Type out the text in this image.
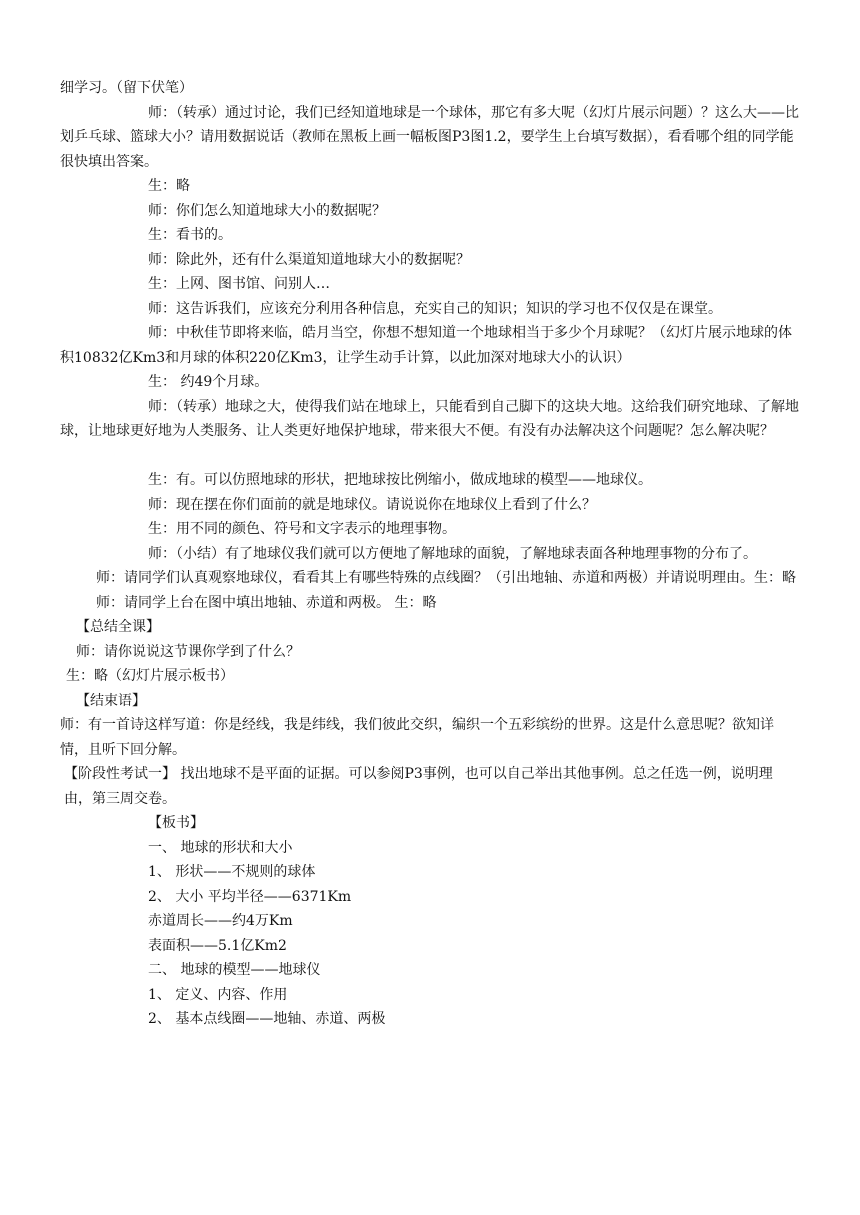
细学习。（留下伏笔）

师：（转承）通过讨论，我们已经知道地球是一个球体，那它有多大呢（幻灯片展示问题）？这么大——比划乒乓球、篮球大小？请用数据说话（教师在黑板上画一幅板图P3图1.2，要学生上台填写数据），看看哪个组的同学能很快填出答案。

生：略

师：你们怎么知道地球大小的数据呢？

生：看书的。

师：除此外，还有什么渠道知道地球大小的数据呢？

生：上网、图书馆、问别人…

师：这告诉我们，应该充分利用各种信息，充实自己的知识；知识的学习也不仅仅是在课堂。

师：中秋佳节即将来临，皓月当空，你想不想知道一个地球相当于多少个月球呢？（幻灯片展示地球的体积10832亿Km3和月球的体积220亿Km3，让学生动手计算，以此加深对地球大小的认识）

生： 约49个月球。

师：（转承）地球之大，使得我们站在地球上，只能看到自己脚下的这块大地。这给我们研究地球、了解地球，让地球更好地为人类服务、让人类更好地保护地球，带来很大不便。有没有办法解决这个问题呢？怎么解决呢？

生：有。可以仿照地球的形状，把地球按比例缩小，做成地球的模型——地球仪。

师：现在摆在你们面前的就是地球仪。请说说你在地球仪上看到了什么？

生：用不同的颜色、符号和文字表示的地理事物。

师：（小结）有了地球仪我们就可以方便地了解地球的面貌，了解地球表面各种地理事物的分布了。

师：请同学们认真观察地球仪，看看其上有哪些特殊的点线圈？（引出地轴、赤道和两极）并请说明理由。生：略

师：请同学上台在图中填出地轴、赤道和两极。 生：略

【总结全课】

师：请你说说这节课你学到了什么？

生：略（幻灯片展示板书）

【结束语】

师：有一首诗这样写道：你是经线，我是纬线，我们彼此交织，编织一个五彩缤纷的世界。这是什么意思呢？欲知详情，且听下回分解。

【阶段性考试一】 找出地球不是平面的证据。可以参阅P3事例，也可以自己举出其他事例。总之任选一例，说明理由，第三周交卷。

【板书】

一、 地球的形状和大小

1、 形状——不规则的球体

2、 大小 平均半径——6371Km

赤道周长——约4万Km

表面积——5.1亿Km2

二、 地球的模型——地球仪

1、 定义、内容、作用

2、 基本点线圈——地轴、赤道、两极
